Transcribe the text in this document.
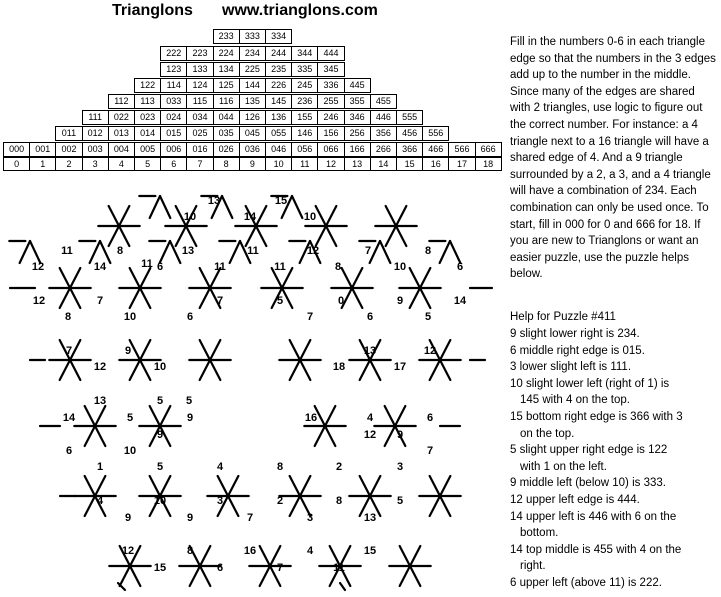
Trianglons www.trianglons.com
233	333	334
222	223	224	234	244	344	444
123	133	134	225	235	335	345
122	114	124	125	144	226	245	336	445
112	113	033	115	116	135	145	236	255	355	455
111	022	023	024	034	044	126	136	155	246	346	446	555
011	012	013	014	015	025	035	045	055	146	156	256	356	456	556
000	001	002	003	004	005	006	016	026	036	046	056	066	166	266	366	466	566	666
0	1	2	3	4	5	6	7	8	9	10	11	12	13	14	15	16	17	18
13
14
15
10	10
11	8
11
13	11	12	7	8
12	14	6	11	11	8	10	6
12	7	7	5	0	9	14
8	10	6	7	6	5
7	9	13	12
12	10	18	17
13	5 5
14	5	9	16	4	6
6	10
9	12 9
7
1	5	4	8	2	3
4	10	3	2	8	5
9	9	7	3	13
12	8	16	4	15
15	6	7	11

Fill in the numbers 0-6 in each triangle edge so that the numbers in the 3 edges add up to the number in the middle. Since many of the edges are shared with 2 triangles, use logic to figure out the correct number. For instance: a 4 triangle next to a 16 triangle will have a shared edge of 4. And a 9 triangle surrounded by a 2, a 3, and a 4 triangle will have a combination of 234. Each combination can only be used once. To start, fill in 000 for 0 and 666 for 18. If you are new to Trianglons or want an easier puzzle, use the puzzle helps below.

Help for Puzzle #411

9 slight lower right is 234.

6 middle right edge is 015.

3 lower slight left is 111.

10 slight lower left (right of 1) is
145 with 4 on the top.

15 bottom right edge is 366 with 3
on the top.

5 slight upper right edge is 122
with 1 on the left.

9 middle left (below 10) is 333.

12 upper left edge is 444.

14 upper left is 446 with 6 on the
bottom.

14 top middle is 455 with 4 on the
right.

6 upper left (above 11) is 222.
